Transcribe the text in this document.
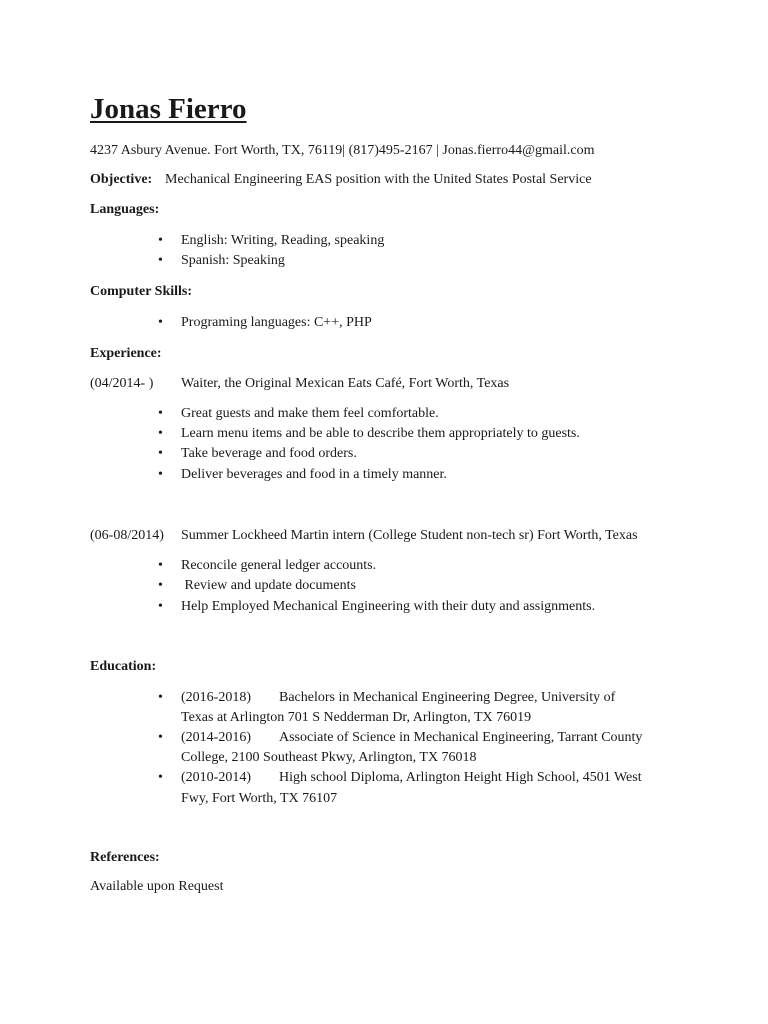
Jonas Fierro
4237 Asbury Avenue. Fort Worth, TX, 76119| (817)495-2167 | Jonas.fierro44@gmail.com
Objective: Mechanical Engineering EAS position with the United States Postal Service
Languages:
•
English: Writing, Reading, speaking
•
Spanish: Speaking
Computer Skills:
•
Programing languages: C++, PHP
Experience:
(04/2014- ) Waiter, the Original Mexican Eats Café, Fort Worth, Texas
•
Great guests and make them feel comfortable.
•
Learn menu items and be able to describe them appropriately to guests.
•
Take beverage and food orders.
•
Deliver beverages and food in a timely manner.
(06-08/2014) Summer Lockheed Martin intern (College Student non-tech sr) Fort Worth, Texas
•
Reconcile general ledger accounts.
•
Review and update documents
•
Help Employed Mechanical Engineering with their duty and assignments.
Education:
•
(2016-2018) Bachelors in Mechanical Engineering Degree, University of
Texas at Arlington 701 S Nedderman Dr, Arlington, TX 76019
•
(2014-2016) Associate of Science in Mechanical Engineering, Tarrant County
College, 2100 Southeast Pkwy, Arlington, TX 76018
•
(2010-2014) High school Diploma, Arlington Height High School, 4501 West
Fwy, Fort Worth, TX 76107
References:
Available upon Request
